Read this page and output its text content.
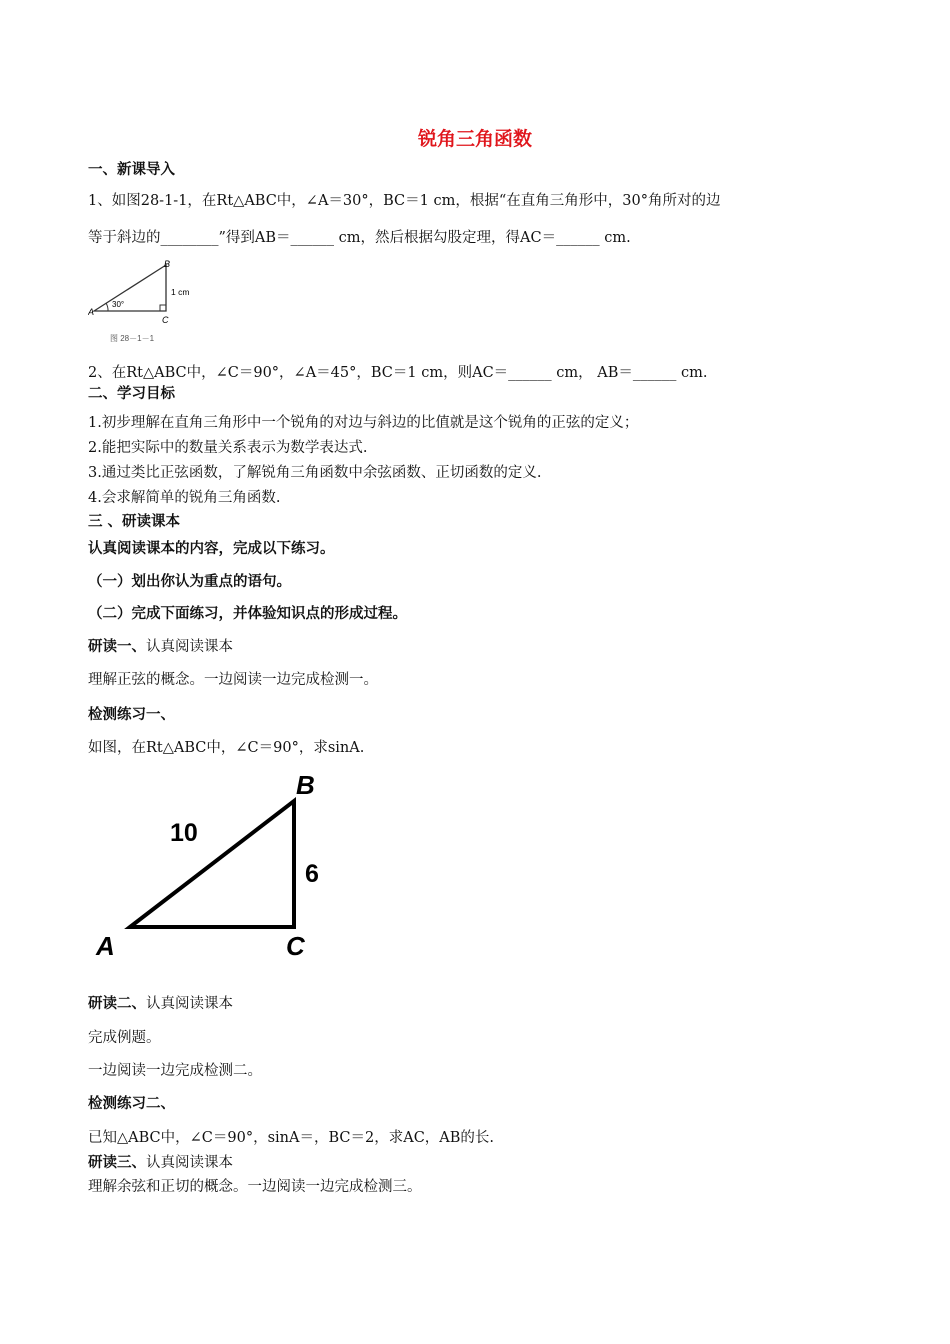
锐角三角函数
一、新课导入
1、如图28-1-1，在Rt△ABC中，∠A＝30°，BC＝1 cm，根据“在直角三角形中，30°角所对的边
等于斜边的________”得到AB＝______ cm，然后根据勾股定理，得AC＝______ cm.
B
A
C
1 cm
30°
图 28－1－1
2、在Rt△ABC中，∠C＝90°，∠A＝45°，BC＝1 cm，则AC＝______ cm， AB＝______ cm.
二、学习目标
1.初步理解在直角三角形中一个锐角的对边与斜边的比值就是这个锐角的正弦的定义；
2.能把实际中的数量关系表示为数学表达式.
3.通过类比正弦函数，了解锐角三角函数中余弦函数、正切函数的定义.
4.会求解简单的锐角三角函数.
三 、研读课本
认真阅读课本的内容，完成以下练习。
（一）划出你认为重点的语句。
（二）完成下面练习，并体验知识点的形成过程。
研读一、认真阅读课本
理解正弦的概念。一边阅读一边完成检测一。
检测练习一、
如图，在Rt△ABC中，∠C＝90°，求sinA.
B
A	C
10
6
研读二、认真阅读课本
完成例题。
一边阅读一边完成检测二。
检测练习二、
已知△ABC中，∠C＝90°，sinA＝，BC＝2，求AC，AB的长.
研读三、认真阅读课本
理解余弦和正切的概念。一边阅读一边完成检测三。
